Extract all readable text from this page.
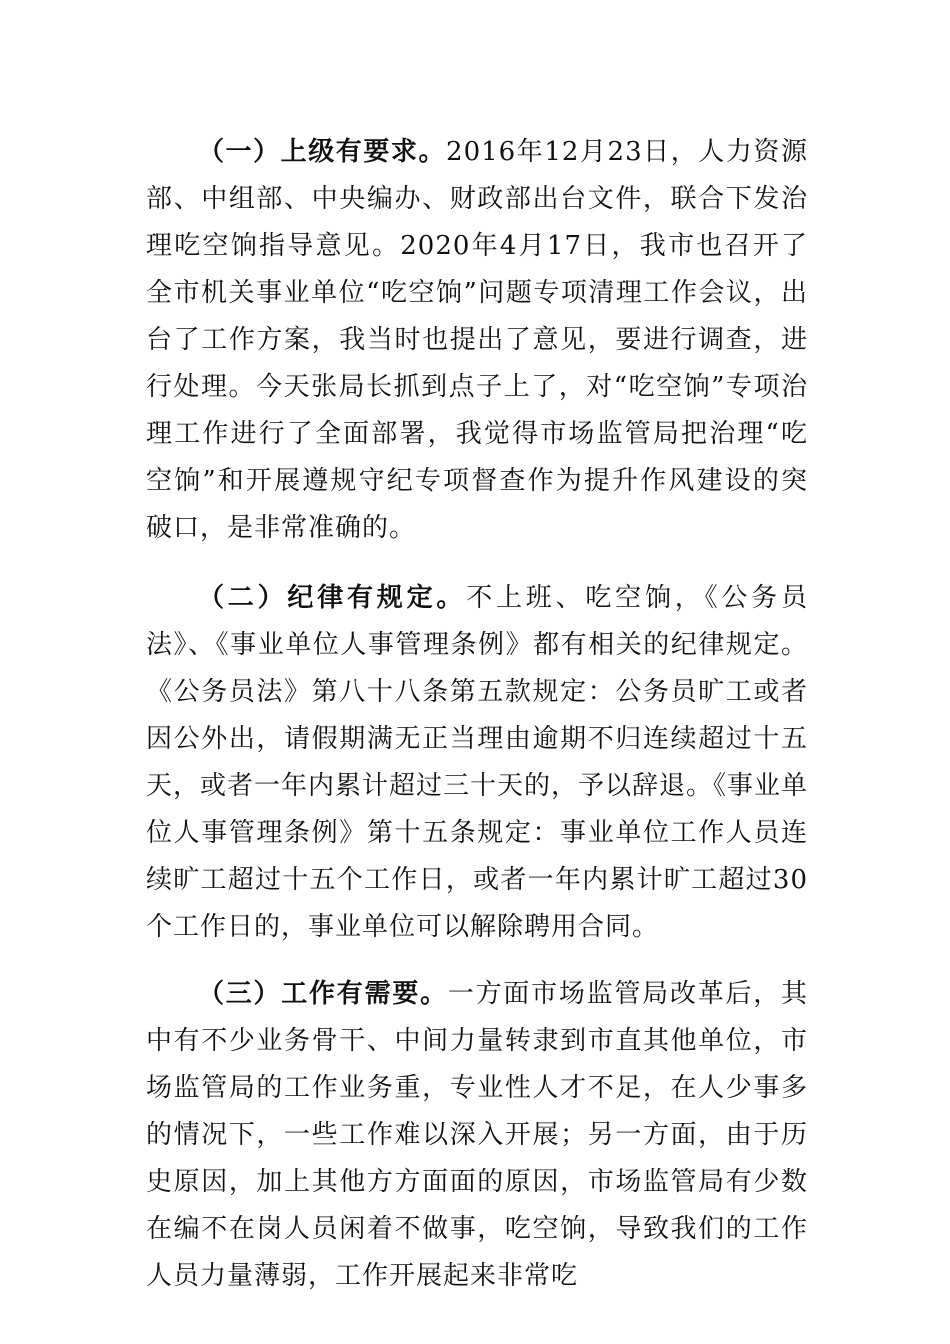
（一）上级有要求。2016年12月23日，人力资源部、中组部、中央编办、财政部出台文件，联合下发治理吃空饷指导意见。2020年4月17日，我市也召开了全市机关事业单位“吃空饷”问题专项清理工作会议，出台了工作方案，我当时也提出了意见，要进行调查，进行处理。今天张局长抓到点子上了，对“吃空饷”专项治理工作进行了全面部署，我觉得市场监管局把治理“吃空饷”和开展遵规守纪专项督查作为提升作风建设的突破口，是非常准确的。

（二）纪律有规定。不上班、吃空饷，《公务员法》、《事业单位人事管理条例》都有相关的纪律规定。《公务员法》第八十八条第五款规定：公务员旷工或者因公外出，请假期满无正当理由逾期不归连续超过十五天，或者一年内累计超过三十天的，予以辞退。《事业单位人事管理条例》第十五条规定：事业单位工作人员连续旷工超过十五个工作日，或者一年内累计旷工超过30个工作日的，事业单位可以解除聘用合同。

（三）工作有需要。一方面市场监管局改革后，其中有不少业务骨干、中间力量转隶到市直其他单位，市场监管局的工作业务重，专业性人才不足，在人少事多的情况下，一些工作难以深入开展；另一方面，由于历史原因，加上其他方方面面的原因，市场监管局有少数在编不在岗人员闲着不做事，吃空饷，导致我们的工作人员力量薄弱，工作开展起来非常吃
